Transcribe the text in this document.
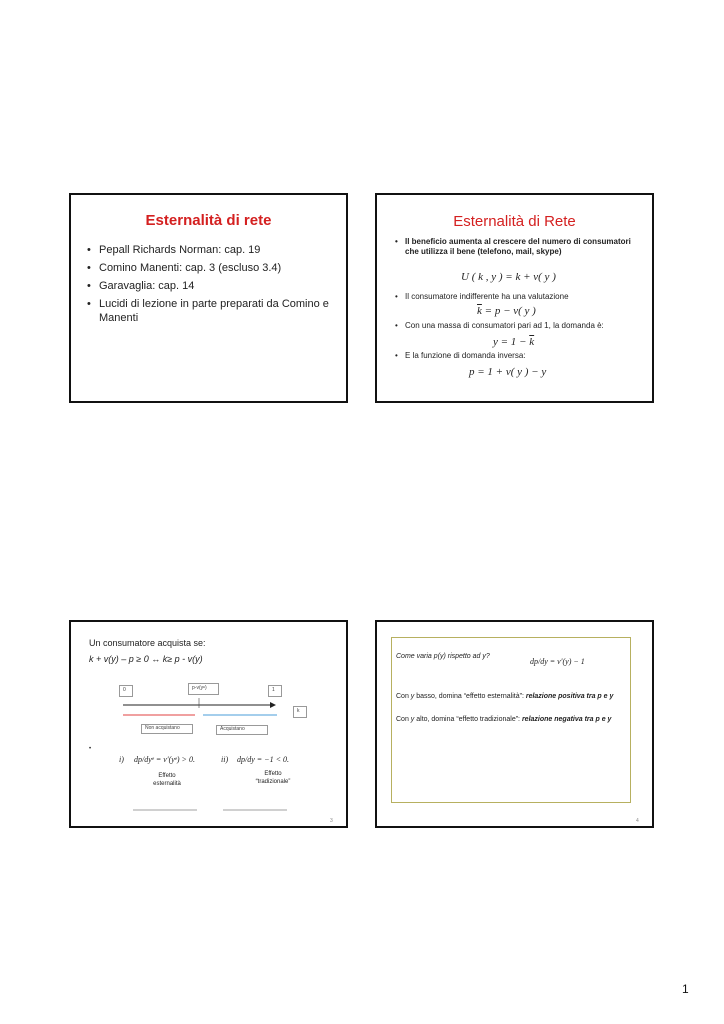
Esternalità di rete
• Pepall Richards Norman: cap. 19
• Comino Manenti: cap. 3 (escluso 3.4)
• Garavaglia: cap. 14
• Lucidi di lezione in parte preparati da Comino e Manenti
Esternalità di Rete
• Il beneficio aumenta al crescere del numero di consumatori che utilizza il bene (telefono, mail, skype)
U ( k , y ) = k + v( y )
• Il consumatore indifferente ha una valutazione
$\overline{k} = p - v$( y )
• Con una massa di consumatori pari ad 1, la domanda è:
$y = 1 - \overline{k}$
• E la funzione di domanda inversa:
p = 1 + v( y ) − y
Un consumatore acquista se:
k + v(y) – p ≥ 0 ↔ k≥ p - v(y)
0	p-v(yᵉ)	1
k
Non acquistano	Acquistano
•
i) dp/dyᵉ = v′(yᵉ) > 0.	ii) dp/dy = −1 < 0.
Effetto esternalità
Effetto “tradizionale”
3
Come varia p(y) rispetto ad y?
dp/dy = v′(y) − 1
Con y basso, domina “effetto esternalità”: relazione positiva tra p e y
Con y alto, domina “effetto tradizionale”: relazione negativa tra p e y
4
1
